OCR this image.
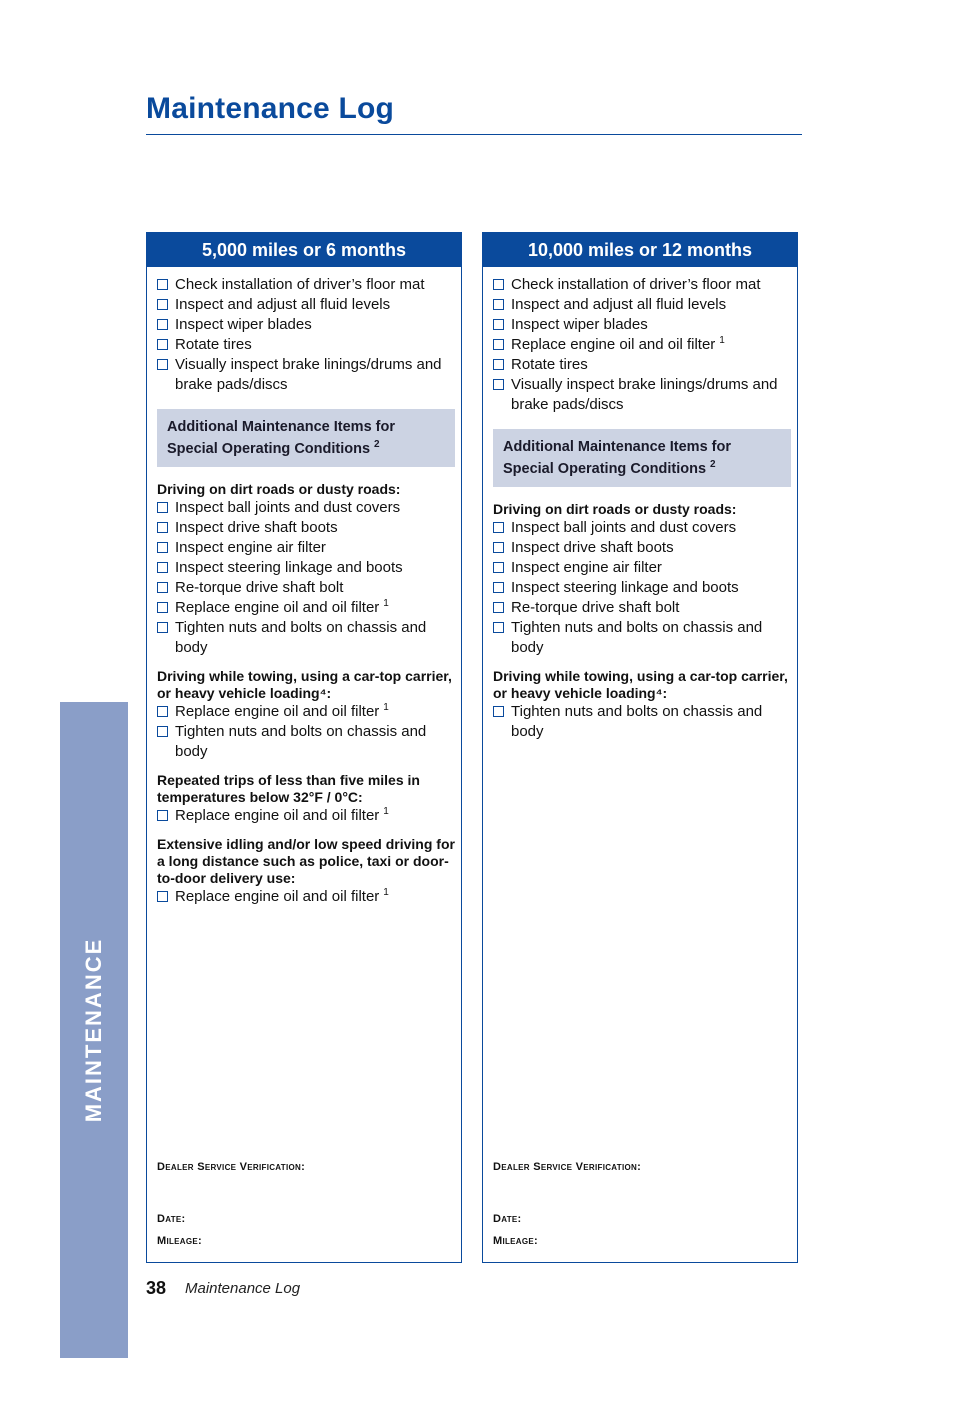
Maintenance Log
MAINTENANCE
5,000 miles or 6 months
Check installation of driver’s floor mat
Inspect and adjust all fluid levels
Inspect wiper blades
Rotate tires
Visually inspect brake linings/drums and brake pads/discs
Additional Maintenance Items for
Special Operating Conditions $^2$
Driving on dirt roads or dusty roads:
Inspect ball joints and dust covers
Inspect drive shaft boots
Inspect engine air filter
Inspect steering linkage and boots
Re-torque drive shaft bolt
Replace engine oil and oil filter $^1$
Tighten nuts and bolts on chassis and body
Driving while towing, using a car-top carrier, or heavy vehicle loading⁴:
Replace engine oil and oil filter $^1$
Tighten nuts and bolts on chassis and body
Repeated trips of less than five miles in temperatures below 32°F / 0°C:
Replace engine oil and oil filter $^1$
Extensive idling and/or low speed driving for a long distance such as police, taxi or door-to-door delivery use:
Replace engine oil and oil filter $^1$
Dealer Service Verification:
Date:
Mileage:
10,000 miles or 12 months
Check installation of driver’s floor mat
Inspect and adjust all fluid levels
Inspect wiper blades
Replace engine oil and oil filter $^1$
Rotate tires
Visually inspect brake linings/drums and brake pads/discs
Additional Maintenance Items for
Special Operating Conditions $^2$
Driving on dirt roads or dusty roads:
Inspect ball joints and dust covers
Inspect drive shaft boots
Inspect engine air filter
Inspect steering linkage and boots
Re-torque drive shaft bolt
Tighten nuts and bolts on chassis and body
Driving while towing, using a car-top carrier, or heavy vehicle loading⁴:
Tighten nuts and bolts on chassis and body
Dealer Service Verification:
Date:
Mileage:
38 Maintenance Log
